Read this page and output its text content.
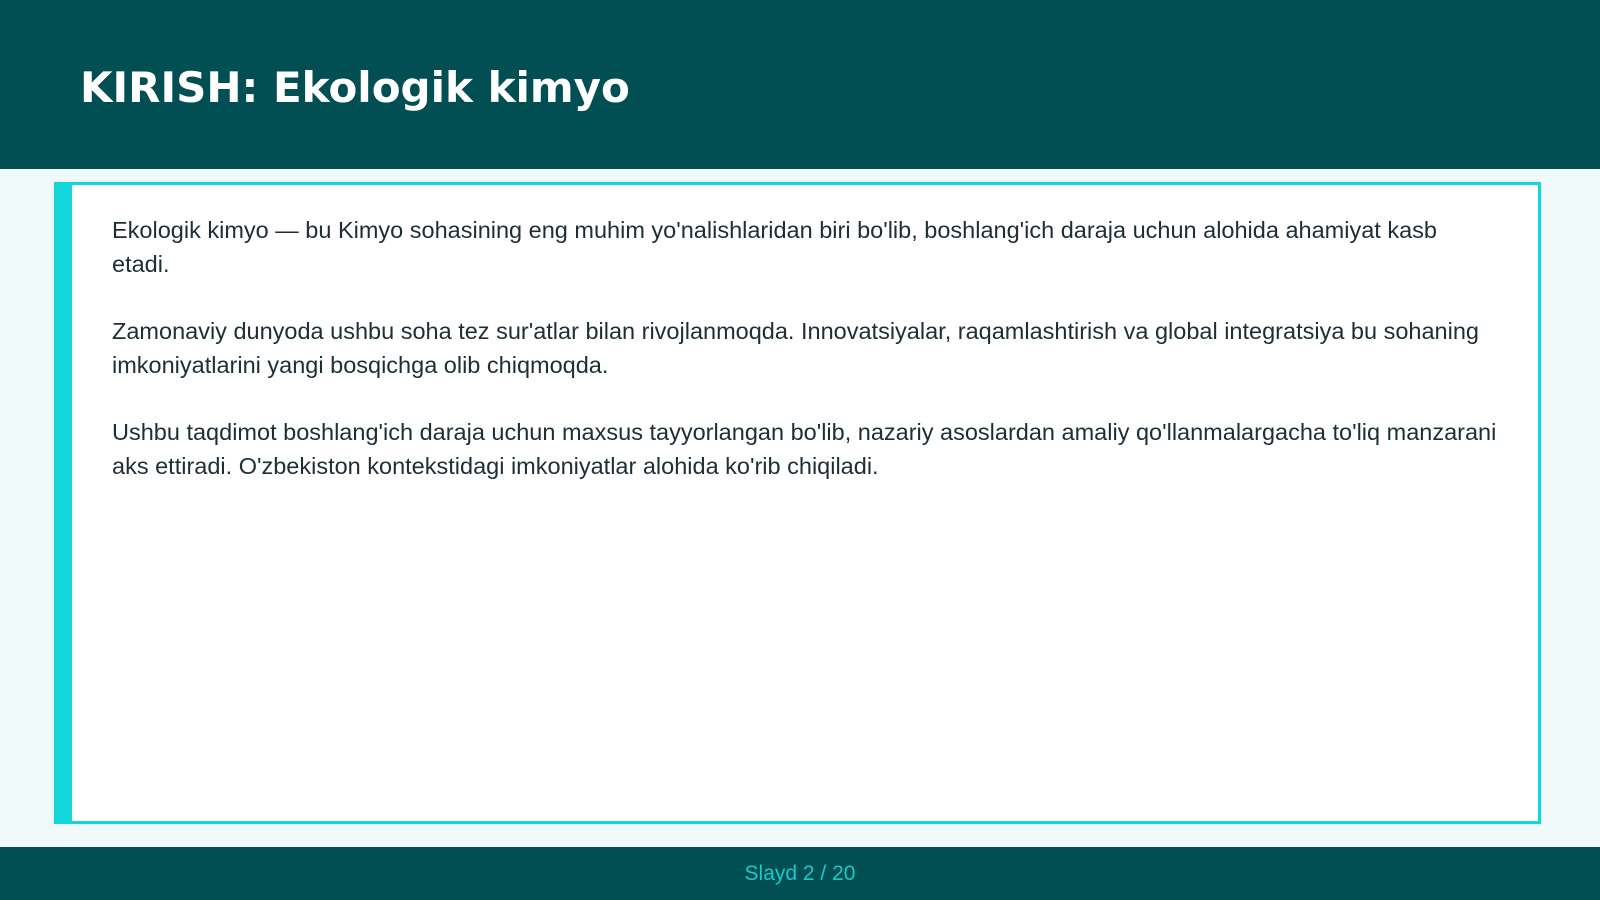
KIRISH: Ekologik kimyo

Ekologik kimyo — bu Kimyo sohasining eng muhim yo'nalishlaridan biri bo'lib, boshlang'ich daraja uchun alohida ahamiyat kasb etadi.

Zamonaviy dunyoda ushbu soha tez sur'atlar bilan rivojlanmoqda. Innovatsiyalar, raqamlashtirish va global integratsiya bu sohaning imkoniyatlarini yangi bosqichga olib chiqmoqda.

Ushbu taqdimot boshlang'ich daraja uchun maxsus tayyorlangan bo'lib, nazariy asoslardan amaliy qo'llanmalargacha to'liq manzarani aks ettiradi. O'zbekiston kontekstidagi imkoniyatlar alohida ko'rib chiqiladi.

Slayd 2 / 20
